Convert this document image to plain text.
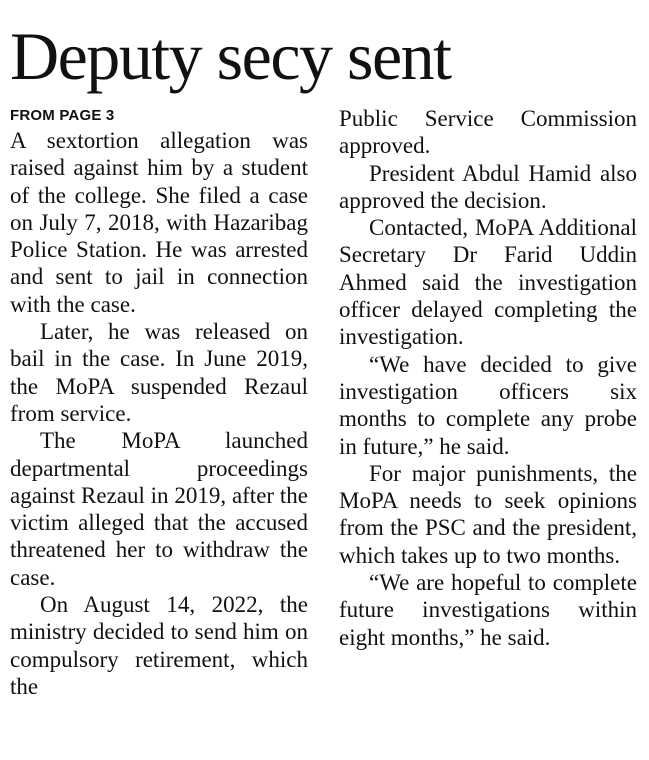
Deputy secy sent
FROM PAGE 3

A sextortion allegation was raised against him by a student of the college. She filed a case on July 7, 2018, with Hazaribag Police Station. He was arrested and sent to jail in connection with the case.

Later, he was released on bail in the case. In June 2019, the MoPA suspended Rezaul from service.

The MoPA launched departmental proceedings against Rezaul in 2019, after the victim alleged that the accused threatened her to withdraw the case.

On August 14, 2022, the ministry decided to send him on compulsory retirement, which the

Public Service Commission approved.

President Abdul Hamid also approved the decision.

Contacted, MoPA Additional Secretary Dr Farid Uddin Ahmed said the investigation officer delayed completing the investigation.

“We have decided to give investigation officers six months to complete any probe in future,” he said.

For major punishments, the MoPA needs to seek opinions from the PSC and the president, which takes up to two months.

“We are hopeful to complete future investigations within eight months,” he said.
